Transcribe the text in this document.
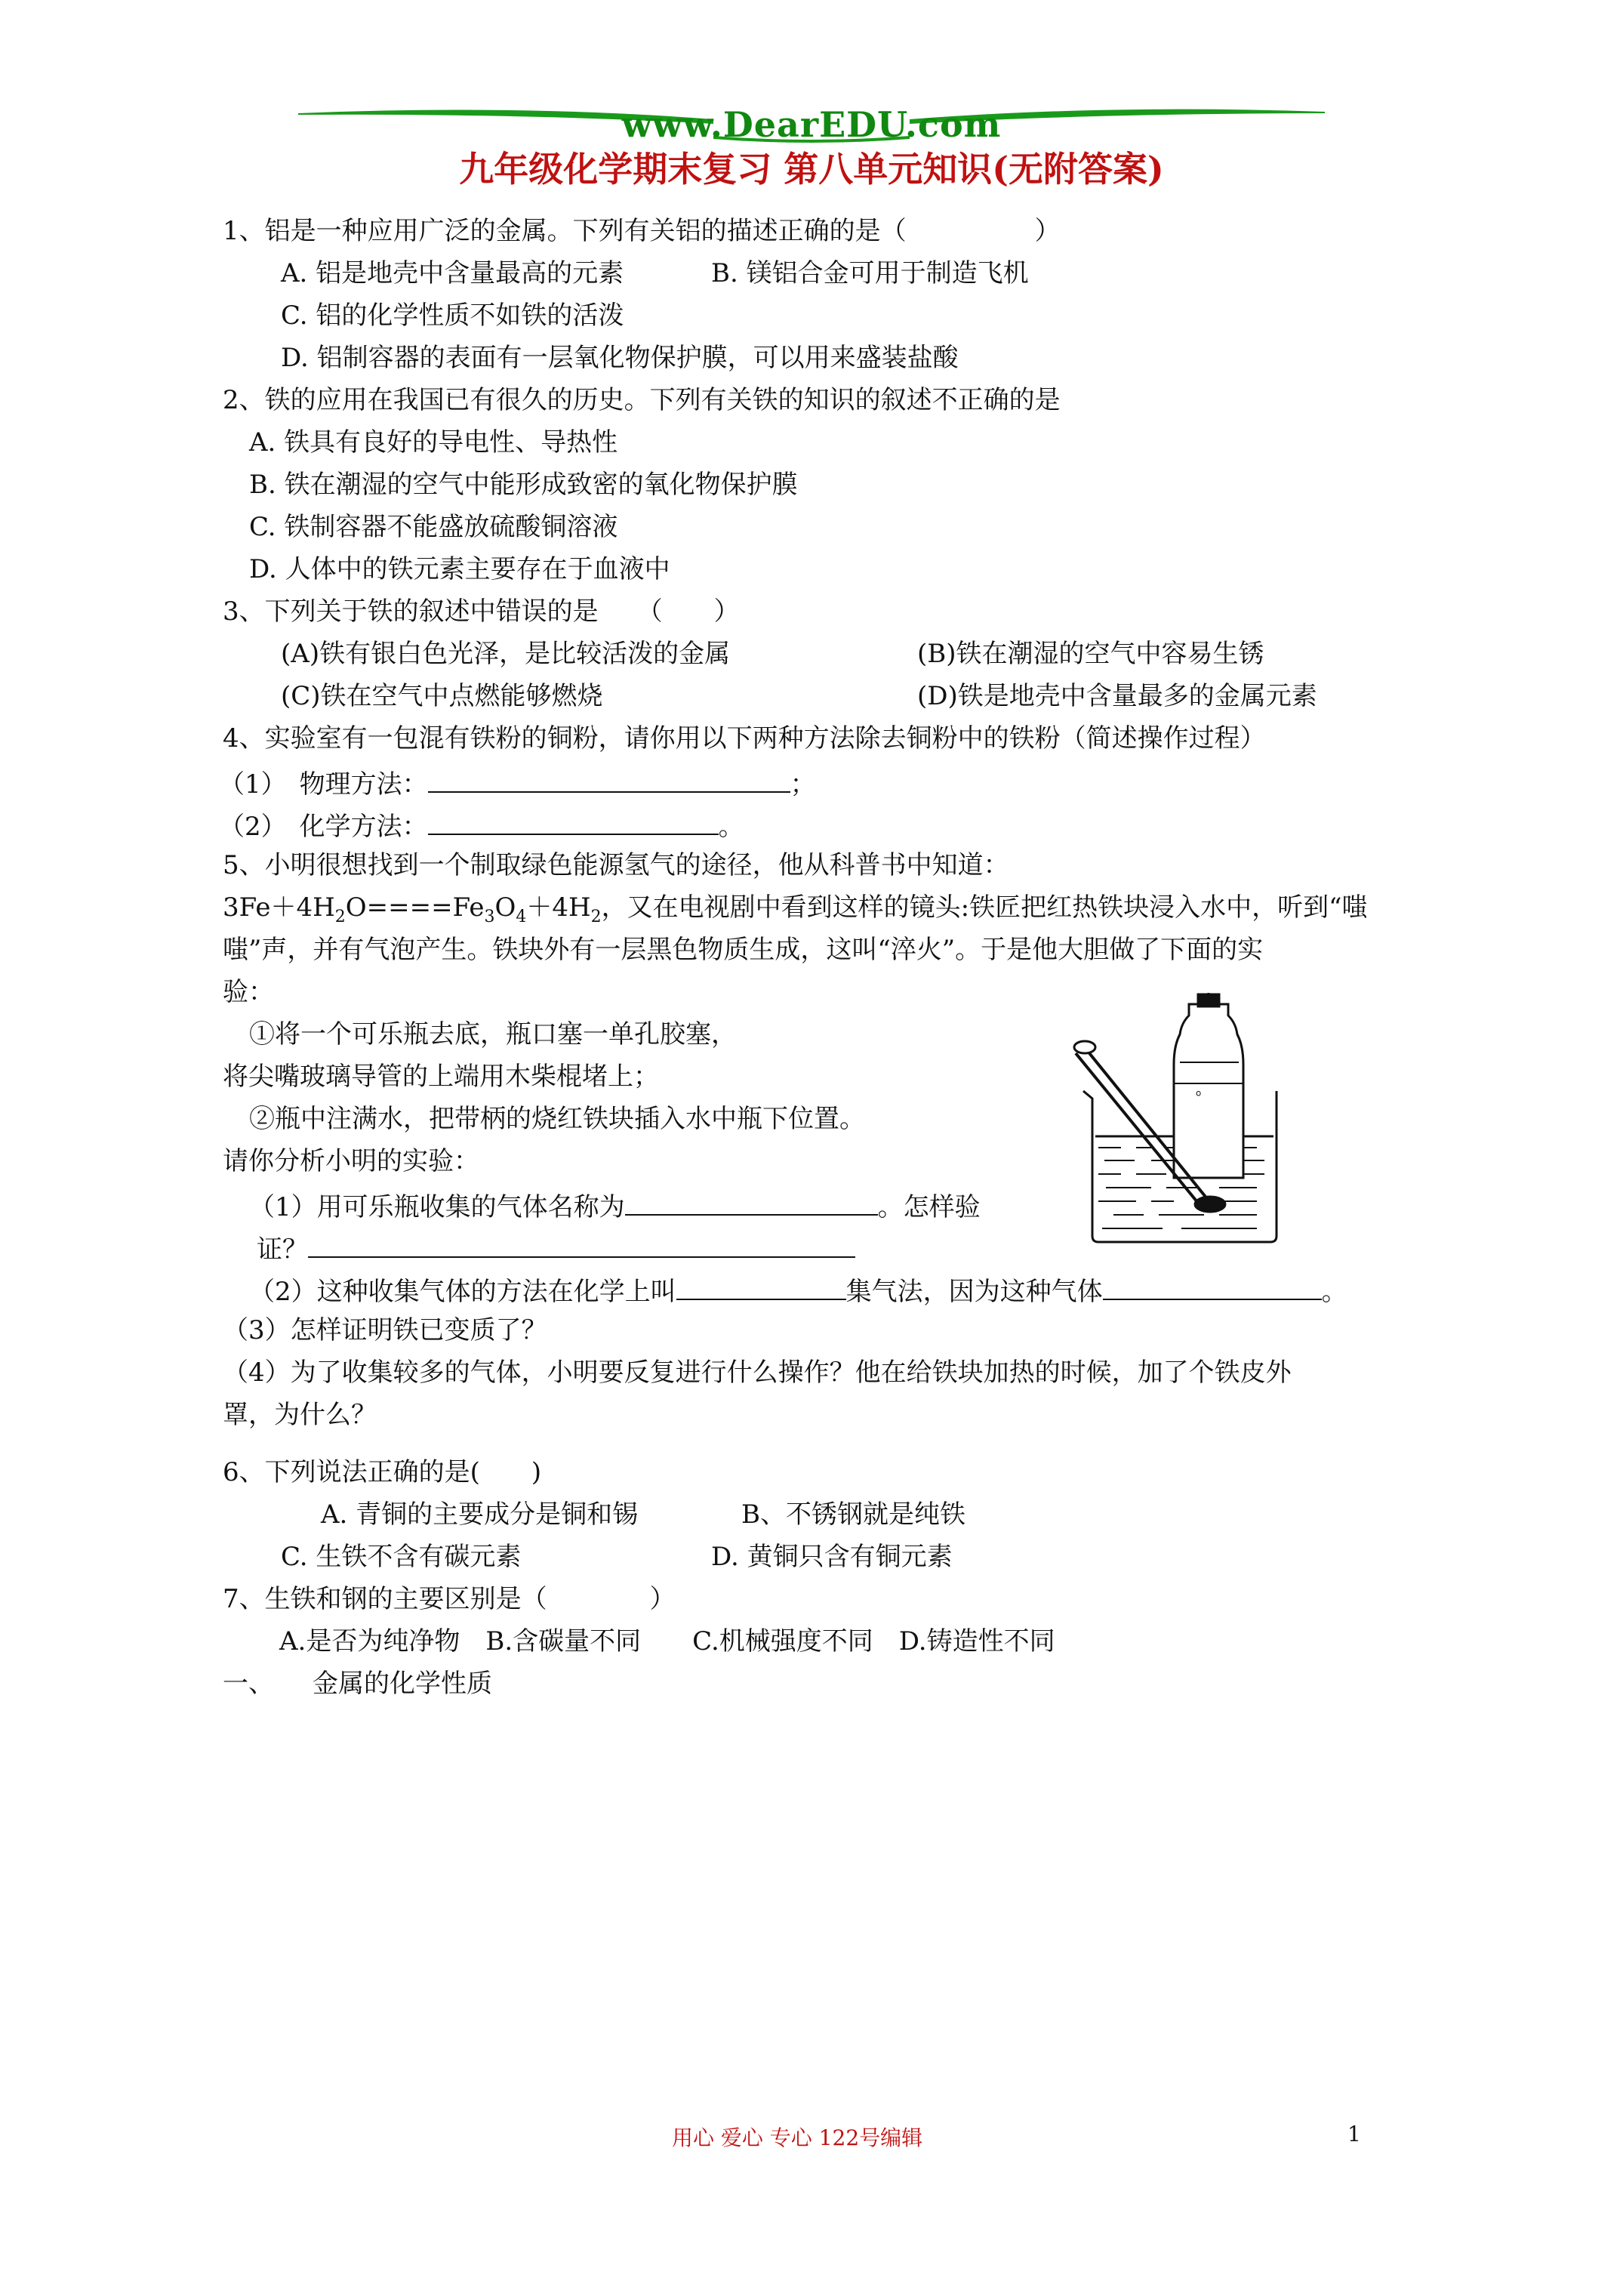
www.DearEDU.com
九年级化学期末复习 第八单元知识(无附答案)
1、铝是一种应用广泛的金属。下列有关铝的描述正确的是（　　　　　）
A. 铝是地壳中含量最高的元素	B. 镁铝合金可用于制造飞机
C. 铝的化学性质不如铁的活泼
D. 铝制容器的表面有一层氧化物保护膜，可以用来盛装盐酸
2、铁的应用在我国已有很久的历史。下列有关铁的知识的叙述不正确的是
A. 铁具有良好的导电性、导热性
B. 铁在潮湿的空气中能形成致密的氧化物保护膜
C. 铁制容器不能盛放硫酸铜溶液
D. 人体中的铁元素主要存在于血液中
3、下列关于铁的叙述中错误的是　　（　　）
(A)铁有银白色光泽，是比较活泼的金属	(B)铁在潮湿的空气中容易生锈
(C)铁在空气中点燃能够燃烧	(D)铁是地壳中含量最多的金属元素
4、实验室有一包混有铁粉的铜粉，请你用以下两种方法除去铜粉中的铁粉（简述操作过程）
（1）　物理方法：	；
（2）　化学方法：	。
5、小明很想找到一个制取绿色能源氢气的途径，他从科普书中知道：
$3Fe+4H_2O====Fe_3O_4+4H_2$，又在电视剧中看到这样的镜头:铁匠把红热铁块浸入水中，听到“嗤
嗤”声，并有气泡产生。铁块外有一层黑色物质生成，这叫“淬火”。于是他大胆做了下面的实
验：
①将一个可乐瓶去底，瓶口塞一单孔胶塞，
将尖嘴玻璃导管的上端用木柴棍堵上；
②瓶中注满水，把带柄的烧红铁块插入水中瓶下位置。
请你分析小明的实验：
（1）用可乐瓶收集的气体名称为	。怎样验
证？
（2）这种收集气体的方法在化学上叫	集气法，因为这种气体	。
（3）怎样证明铁已变质了？
（4）为了收集较多的气体，小明要反复进行什么操作？他在给铁块加热的时候，加了个铁皮外
罩，为什么？
ﾟ
6、下列说法正确的是(　　)
A. 青铜的主要成分是铜和锡	B、不锈钢就是纯铁
C. 生铁不含有碳元素	D. 黄铜只含有铜元素
7、生铁和钢的主要区别是（　　　　）
A.是否为纯净物　B.含碳量不同　　C.机械强度不同　D.铸造性不同
一、　　金属的化学性质
用心 爱心 专心 122号编辑	1
